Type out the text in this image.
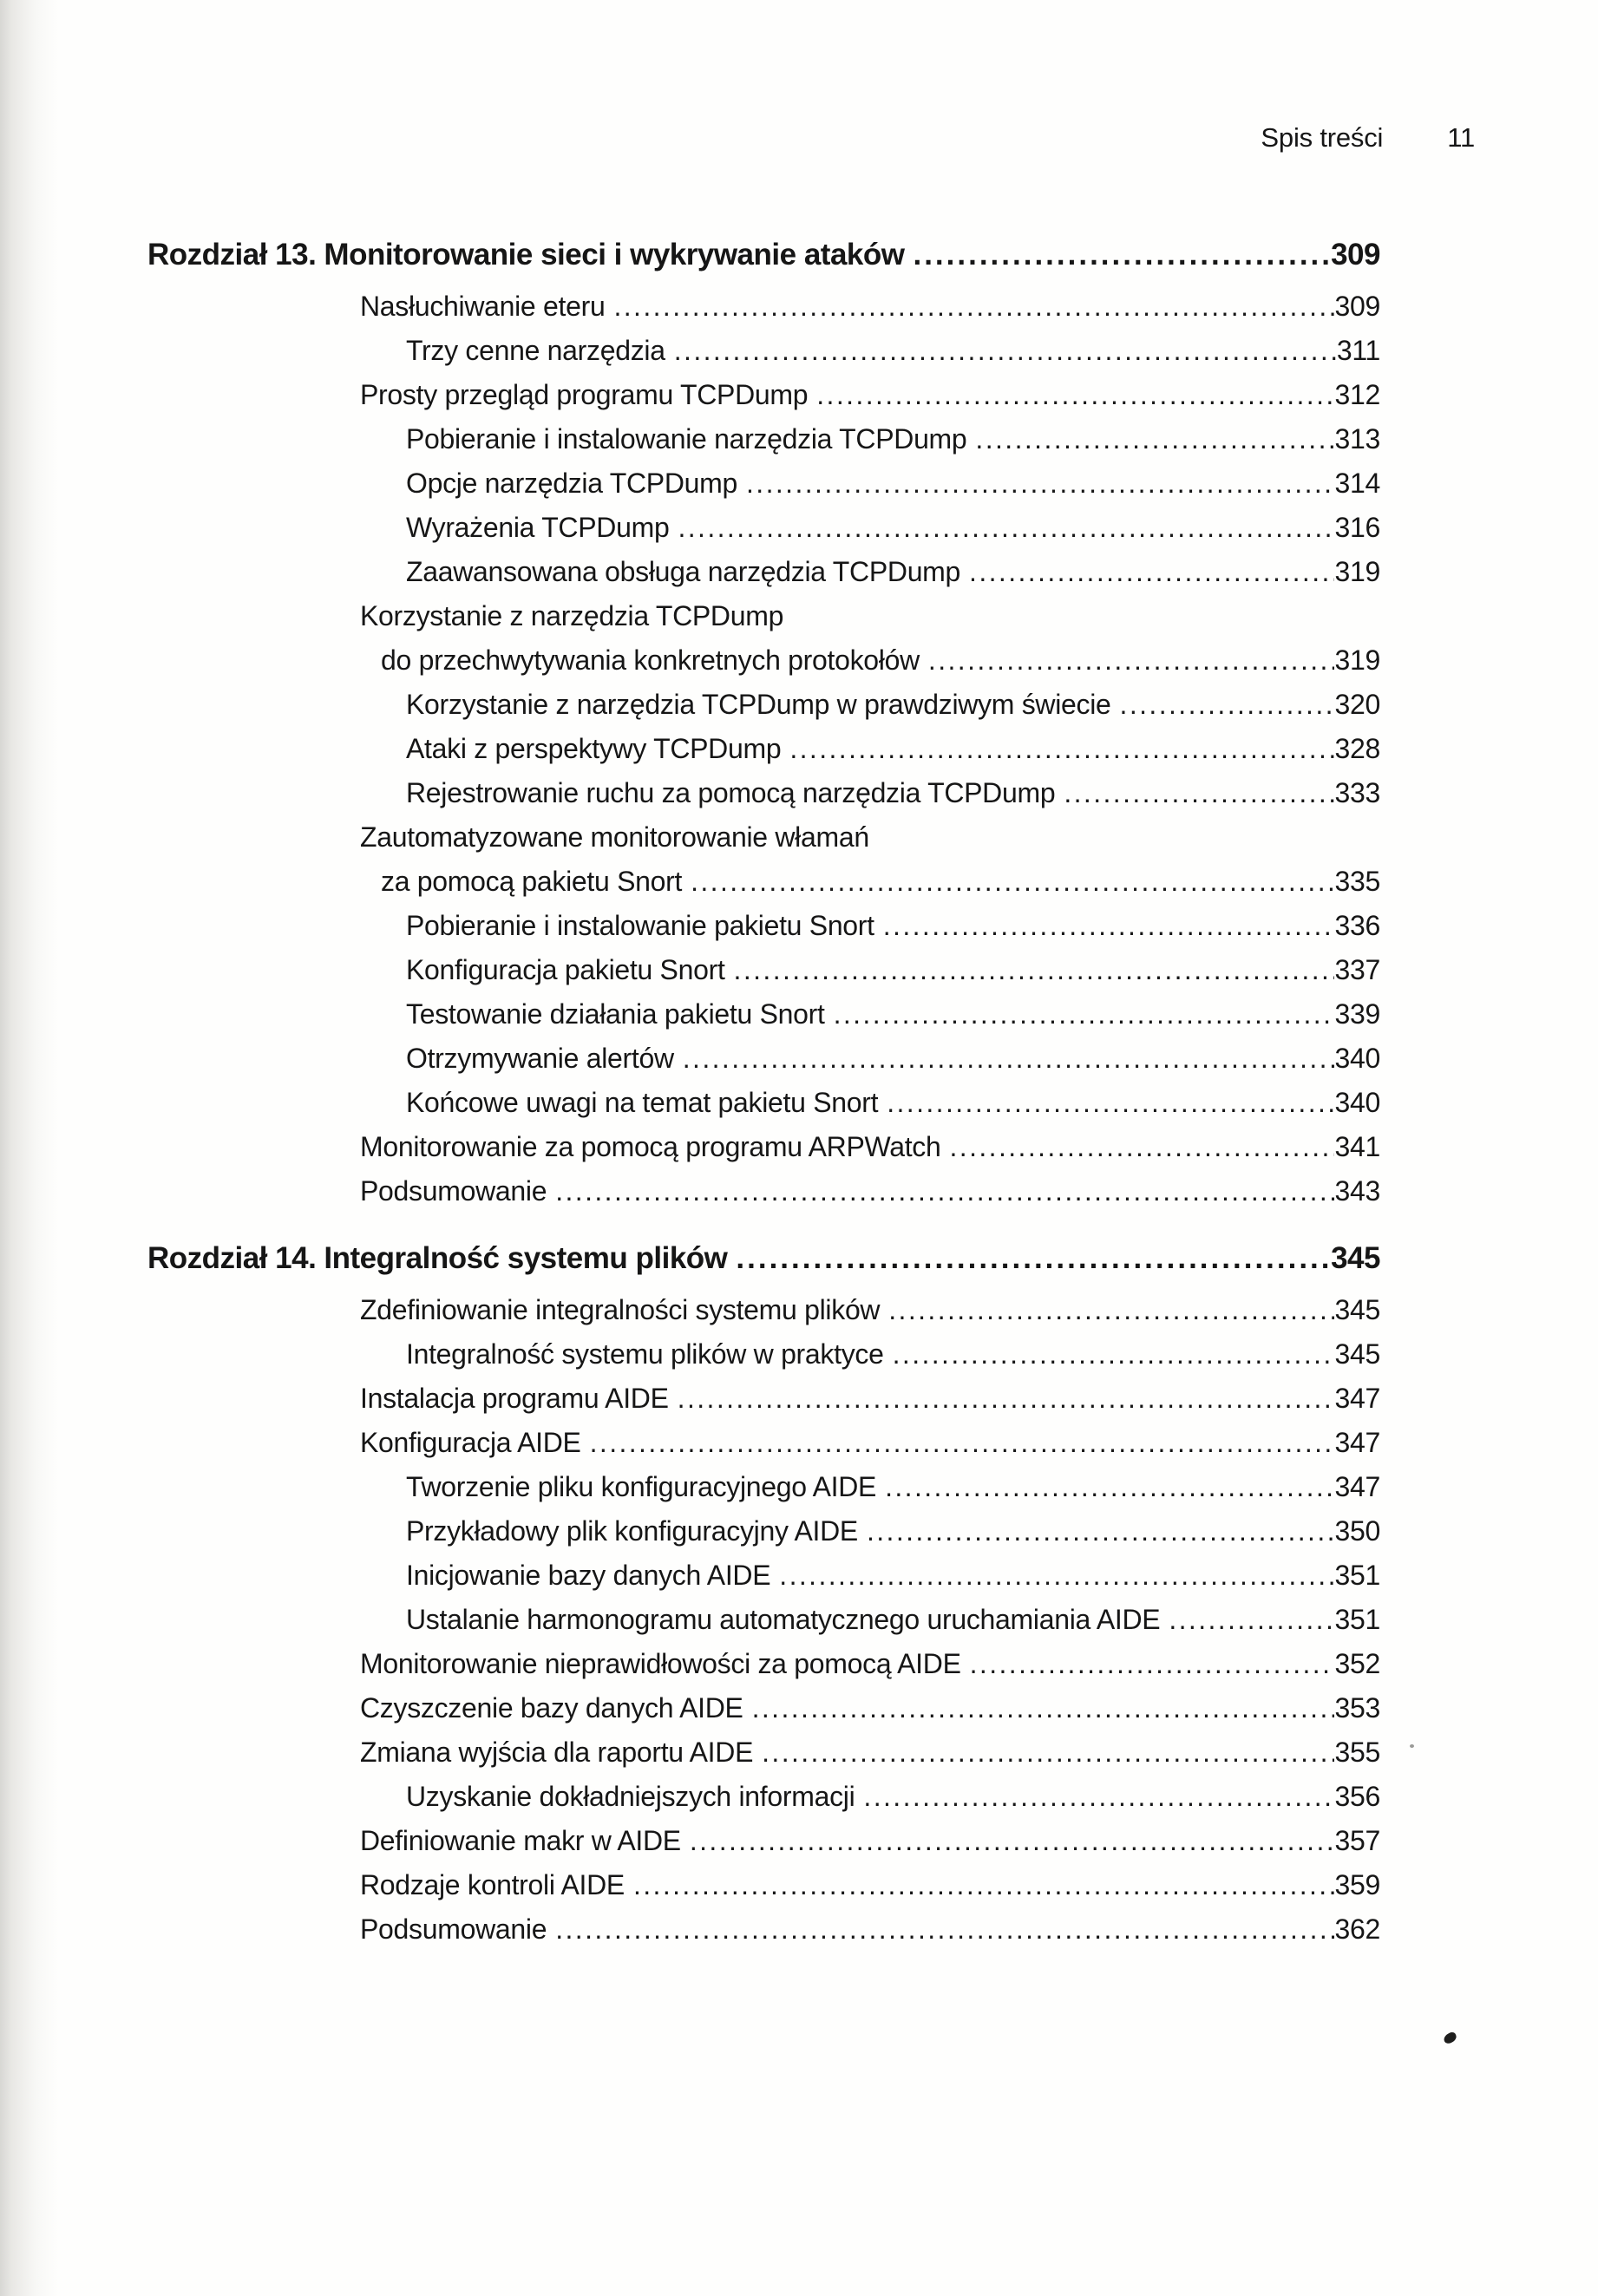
Spis treści 11
Rozdział 13. Monitorowanie sieci i wykrywanie ataków .....	309
Nasłuchiwanie eteru .....	309
Trzy cenne narzędzia .....	311
Prosty przegląd programu TCPDump .....	312
Pobieranie i instalowanie narzędzia TCPDump .....	313
Opcje narzędzia TCPDump .....	314
Wyrażenia TCPDump .....	316
Zaawansowana obsługa narzędzia TCPDump .....	319
Korzystanie z narzędzia TCPDump
do przechwytywania konkretnych protokołów .....	319
Korzystanie z narzędzia TCPDump w prawdziwym świecie .....	320
Ataki z perspektywy TCPDump .....	328
Rejestrowanie ruchu za pomocą narzędzia TCPDump .....	333
Zautomatyzowane monitorowanie włamań
za pomocą pakietu Snort .....	335
Pobieranie i instalowanie pakietu Snort .....	336
Konfiguracja pakietu Snort .....	337
Testowanie działania pakietu Snort .....	339
Otrzymywanie alertów .....	340
Końcowe uwagi na temat pakietu Snort .....	340
Monitorowanie za pomocą programu ARPWatch .....	341
Podsumowanie .....	343
Rozdział 14. Integralność systemu plików .....	345
Zdefiniowanie integralności systemu plików .....	345
Integralność systemu plików w praktyce .....	345
Instalacja programu AIDE .....	347
Konfiguracja AIDE .....	347
Tworzenie pliku konfiguracyjnego AIDE .....	347
Przykładowy plik konfiguracyjny AIDE .....	350
Inicjowanie bazy danych AIDE .....	351
Ustalanie harmonogramu automatycznego uruchamiania AIDE .....	351
Monitorowanie nieprawidłowości za pomocą AIDE .....	352
Czyszczenie bazy danych AIDE .....	353
Zmiana wyjścia dla raportu AIDE .....	355
Uzyskanie dokładniejszych informacji .....	356
Definiowanie makr w AIDE .....	357
Rodzaje kontroli AIDE .....	359
Podsumowanie .....	362
